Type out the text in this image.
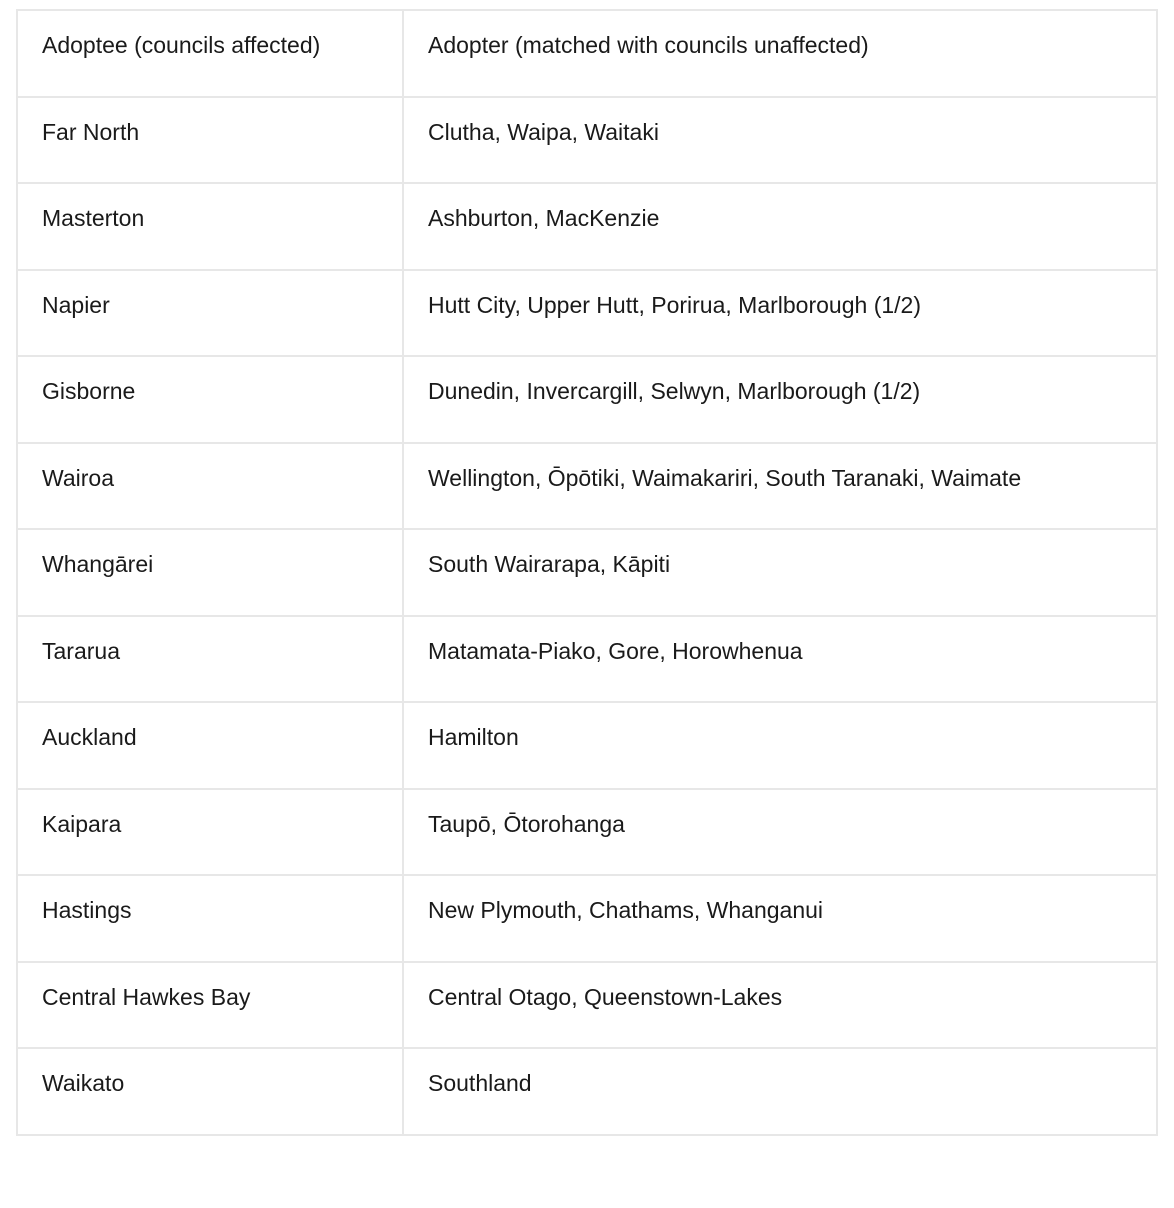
Adoptee (councils affected)	Adopter (matched with councils unaffected)

Far North	Clutha, Waipa, Waitaki

Masterton	Ashburton, MacKenzie

Napier	Hutt City, Upper Hutt, Porirua, Marlborough (1/2)

Gisborne	Dunedin, Invercargill, Selwyn, Marlborough (1/2)

Wairoa	Wellington, Ōpōtiki, Waimakariri, South Taranaki, Waimate

Whangārei	South Wairarapa, Kāpiti

Tararua	Matamata-Piako, Gore, Horowhenua

Auckland	Hamilton

Kaipara	Taupō, Ōtorohanga

Hastings	New Plymouth, Chathams, Whanganui

Central Hawkes Bay	Central Otago, Queenstown-Lakes

Waikato	Southland
